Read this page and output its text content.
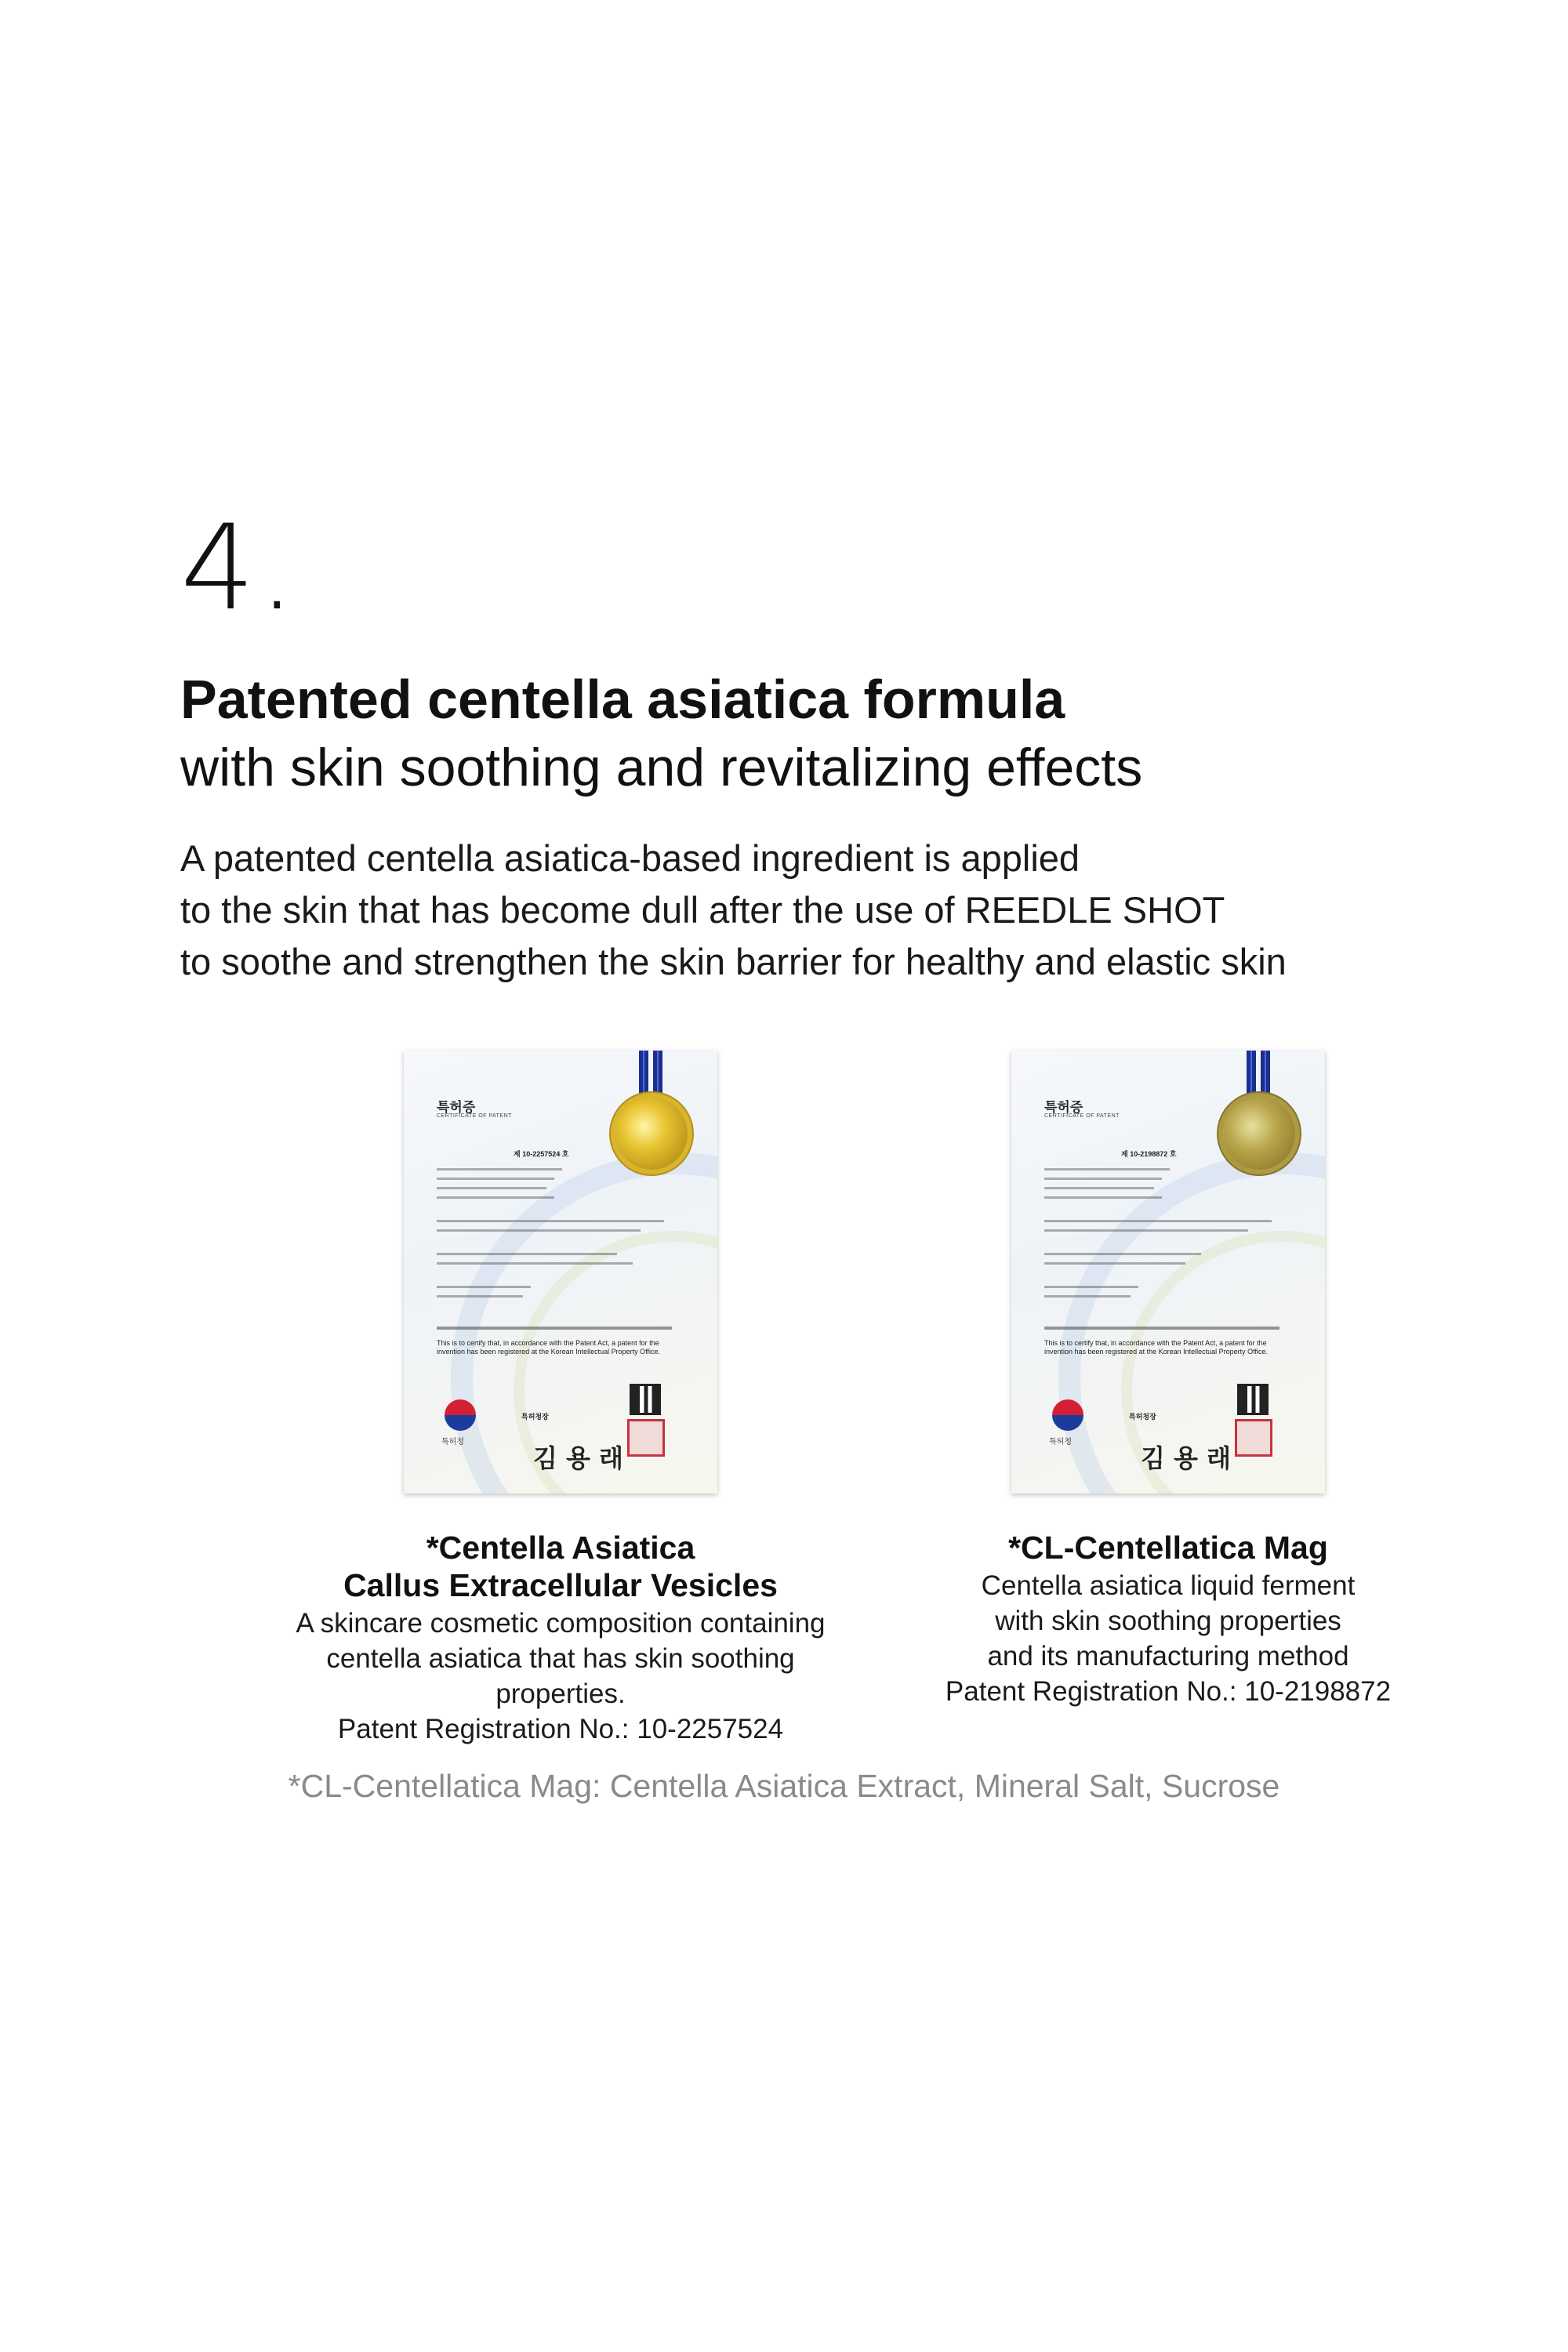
4.
Patented centella asiatica formula
with skin soothing and revitalizing effects
A patented centella asiatica-based ingredient is applied
to the skin that has become dull after the use of REEDLE SHOT
to soothe and strengthen the skin barrier for healthy and elastic skin
특허증
CERTIFICATE OF PATENT
제 10-2257524 호
This is to certify that, in accordance with the Patent Act, a patent for the invention has been registered at the Korean Intellectual Property Office.
특허청
특허청장
김 용 래
특허증
CERTIFICATE OF PATENT
제 10-2198872 호
This is to certify that, in accordance with the Patent Act, a patent for the invention has been registered at the Korean Intellectual Property Office.
특허청
특허청장
김 용 래
*Centella Asiatica
Callus Extracellular Vesicles
A skincare cosmetic composition containing
centella asiatica that has skin soothing properties.
Patent Registration No.: 10-2257524
*CL-Centellatica Mag
Centella asiatica liquid ferment
with skin soothing properties
and its manufacturing method
Patent Registration No.: 10-2198872
*CL-Centellatica Mag: Centella Asiatica Extract, Mineral Salt, Sucrose
